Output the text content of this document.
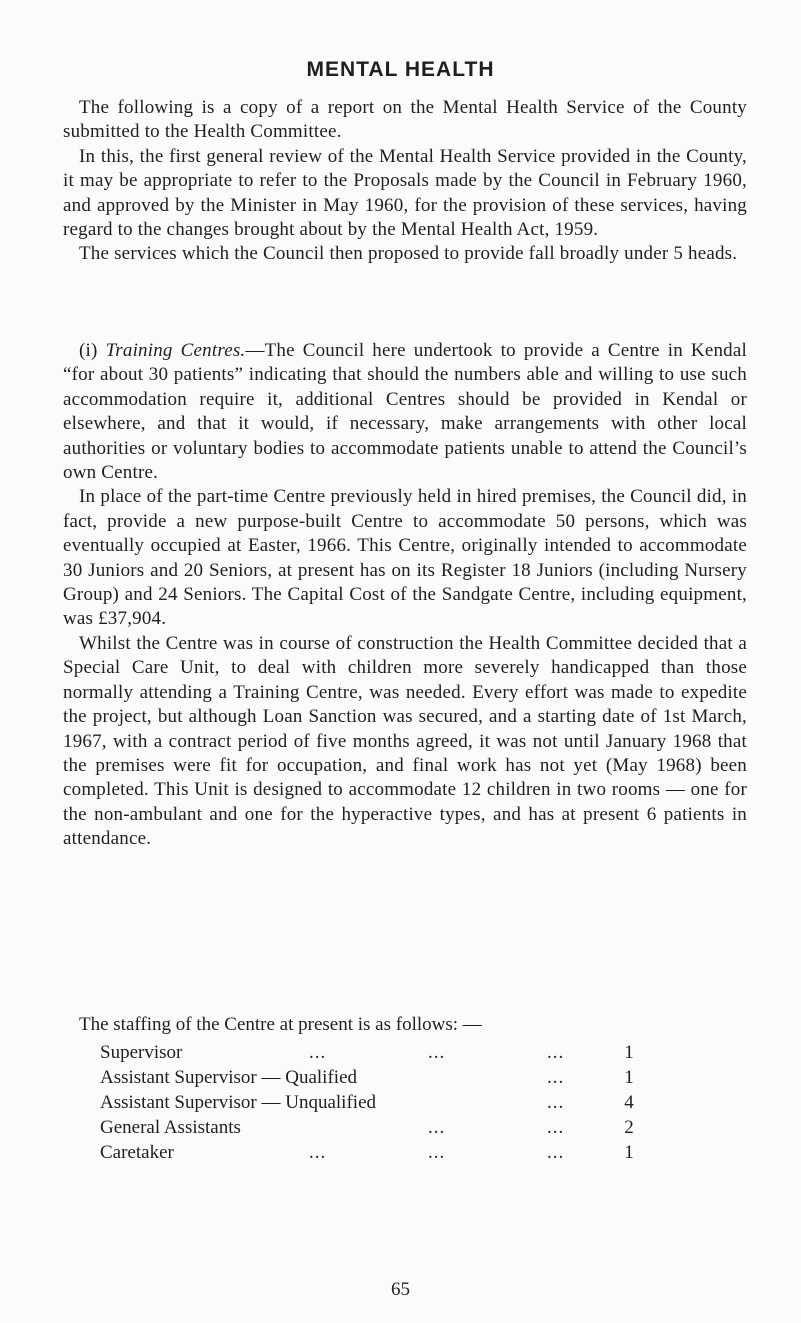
MENTAL HEALTH

The following is a copy of a report on the Mental Health Service of the County submitted to the Health Committee.

In this, the first general review of the Mental Health Service provided in the County, it may be appropriate to refer to the Proposals made by the Council in February 1960, and approved by the Minister in May 1960, for the provision of these services, having regard to the changes brought about by the Mental Health Act, 1959.

The services which the Council then proposed to provide fall broadly under 5 heads.

(i) Training Centres.—The Council here undertook to provide a Centre in Kendal “for about 30 patients” indicating that should the numbers able and willing to use such accommodation require it, additional Centres should be provided in Kendal or elsewhere, and that it would, if necessary, make arrangements with other local authorities or voluntary bodies to accommodate patients unable to attend the Council’s own Centre.

In place of the part-time Centre previously held in hired premises, the Council did, in fact, provide a new purpose-built Centre to accommodate 50 persons, which was eventually occupied at Easter, 1966. This Centre, originally intended to accommodate 30 Juniors and 20 Seniors, at present has on its Register 18 Juniors (including Nursery Group) and 24 Seniors. The Capital Cost of the Sandgate Centre, including equipment, was £37,904.

Whilst the Centre was in course of construction the Health Committee decided that a Special Care Unit, to deal with children more severely handicapped than those normally attending a Training Centre, was needed. Every effort was made to expedite the project, but although Loan Sanction was secured, and a starting date of 1st March, 1967, with a contract period of five months agreed, it was not until January 1968 that the premises were fit for occupation, and final work has not yet (May 1968) been completed. This Unit is designed to accommodate 12 children in two rooms — one for the non-ambulant and one for the hyperactive types, and has at present 6 patients in attendance.

The staffing of the Centre at present is as follows: —

Supervisor	...	...	...	1
Assistant Supervisor — Qualified	...	1
Assistant Supervisor — Unqualified	...	4
General Assistants	...	...	2
Caretaker	...	...	...	1
65
